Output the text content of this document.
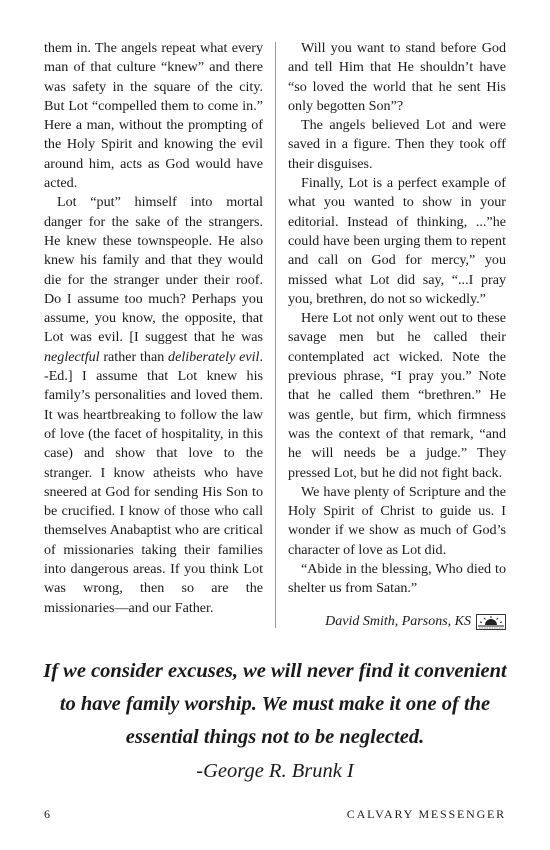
them in. The angels repeat what every man of that culture “knew” and there was safety in the square of the city. But Lot “compelled them to come in.” Here a man, without the prompting of the Holy Spirit and knowing the evil around him, acts as God would have acted.

Lot “put” himself into mortal danger for the sake of the strangers. He knew these townspeople. He also knew his family and that they would die for the stranger under their roof. Do I assume too much? Perhaps you assume, you know, the opposite, that Lot was evil. [I suggest that he was neglectful rather than deliberately evil. -Ed.] I assume that Lot knew his family’s personalities and loved them. It was heartbreaking to follow the law of love (the facet of hospitality, in this case) and show that love to the stranger. I know atheists who have sneered at God for sending His Son to be crucified. I know of those who call themselves Anabaptist who are critical of missionaries taking their families into dangerous areas. If you think Lot was wrong, then so are the missionaries—and our Father.

Will you want to stand before God and tell Him that He shouldn’t have “so loved the world that he sent His only begotten Son”?

The angels believed Lot and were saved in a figure. Then they took off their disguises.

Finally, Lot is a perfect example of what you wanted to show in your editorial. Instead of thinking, ...”he could have been urging them to repent and call on God for mercy,” you missed what Lot did say, “...I pray you, brethren, do not so wickedly.”

Here Lot not only went out to these savage men but he called their contemplated act wicked. Note the previous phrase, “I pray you.” Note that he called them “brethren.” He was gentle, but firm, which firmness was the context of that remark, “and he will needs be a judge.” They pressed Lot, but he did not fight back.

We have plenty of Scripture and the Holy Spirit of Christ to guide us. I wonder if we show as much of God’s character of love as Lot did.

“Abide in the blessing, Who died to shelter us from Satan.”

David Smith, Parsons, KS
If we consider excuses, we will never find it convenient to have family worship. We must make it one of the essential things not to be neglected.
-George R. Brunk I
6	CALVARY MESSENGER
